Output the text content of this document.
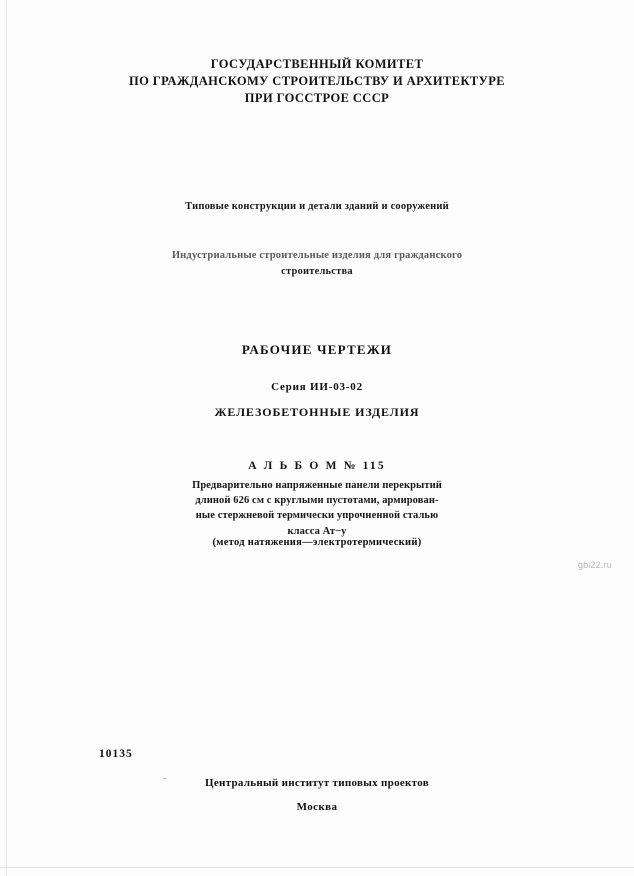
ГОСУДАРСТВЕННЫЙ КОМИТЕТ
ПО ГРАЖДАНСКОМУ СТРОИТЕЛЬСТВУ И АРХИТЕКТУРЕ
ПРИ ГОССТРОЕ СССР
Типовые конструкции и детали зданий и сооружений
Индустриальные строительные изделия для гражданского
строительства
РАБОЧИЕ ЧЕРТЕЖИ
Серия ИИ-03-02
ЖЕЛЕЗОБЕТОННЫЕ ИЗДЕЛИЯ
А Л Ь Б О М № 115
Предварительно напряженные панели перекрытий
длиной 626 см с круглыми пустотами, армирован-
ные стержневой термически упрочненной сталью
класса Ат−у
(метод натяжения—электротермический)
gbi22.ru
10135
Центральный институт типовых проектов
Москва
